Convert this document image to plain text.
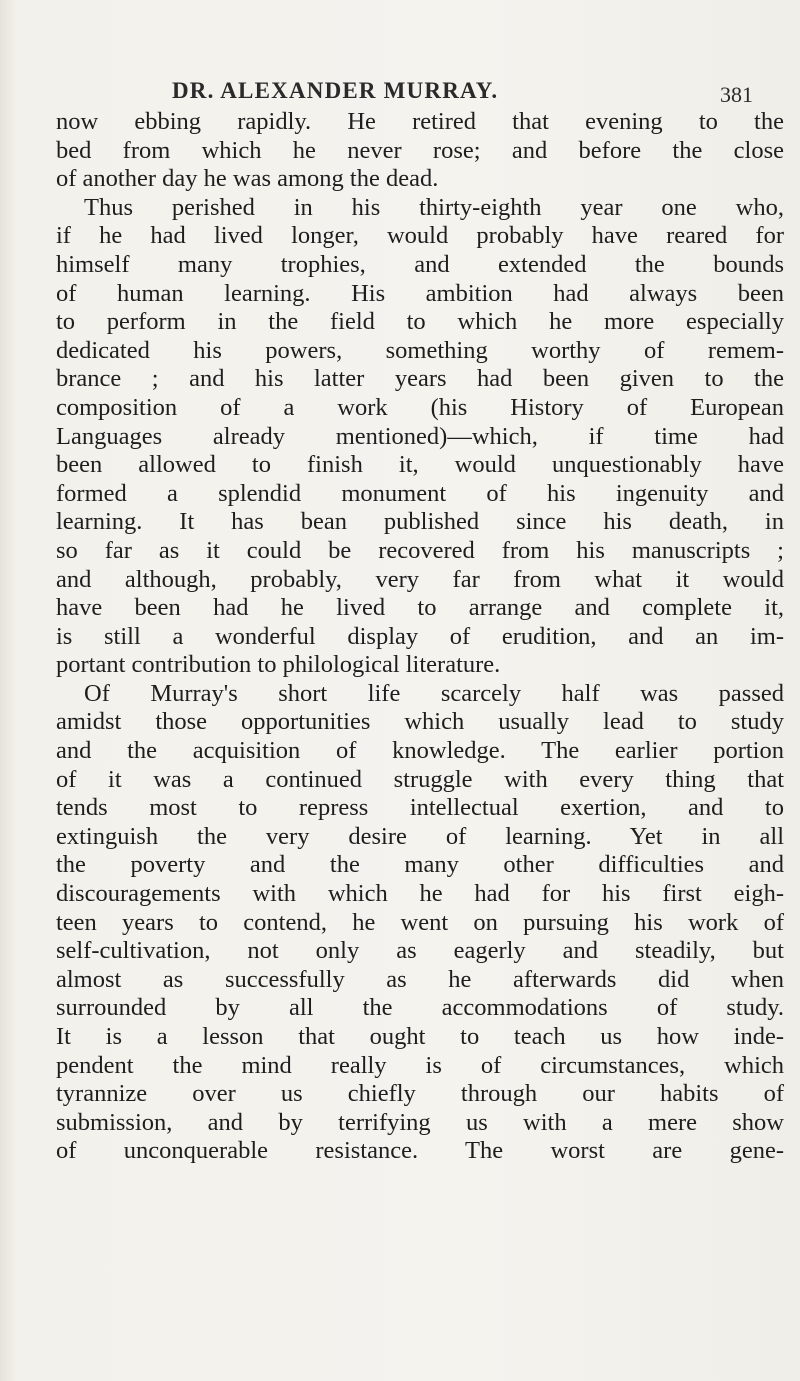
DR. ALEXANDER MURRAY.	381
now ebbing rapidly. He retired that evening to the
bed from which he never rose; and before the close
of another day he was among the dead.
Thus perished in his thirty-eighth year one who,
if he had lived longer, would probably have reared for
himself many trophies, and extended the bounds
of human learning. His ambition had always been
to perform in the field to which he more especially
dedicated his powers, something worthy of remem-
brance ; and his latter years had been given to the
composition of a work (his History of European
Languages already mentioned)—which, if time had
been allowed to finish it, would unquestionably have
formed a splendid monument of his ingenuity and
learning. It has bean published since his death, in
so far as it could be recovered from his manuscripts ;
and although, probably, very far from what it would
have been had he lived to arrange and complete it,
is still a wonderful display of erudition, and an im-
portant contribution to philological literature.
Of Murray's short life scarcely half was passed
amidst those opportunities which usually lead to study
and the acquisition of knowledge. The earlier portion
of it was a continued struggle with every thing that
tends most to repress intellectual exertion, and to
extinguish the very desire of learning. Yet in all
the poverty and the many other difficulties and
discouragements with which he had for his first eigh-
teen years to contend, he went on pursuing his work of
self-cultivation, not only as eagerly and steadily, but
almost as successfully as he afterwards did when
surrounded by all the accommodations of study.
It is a lesson that ought to teach us how inde-
pendent the mind really is of circumstances, which
tyrannize over us chiefly through our habits of
submission, and by terrifying us with a mere show
of unconquerable resistance. The worst are gene-
